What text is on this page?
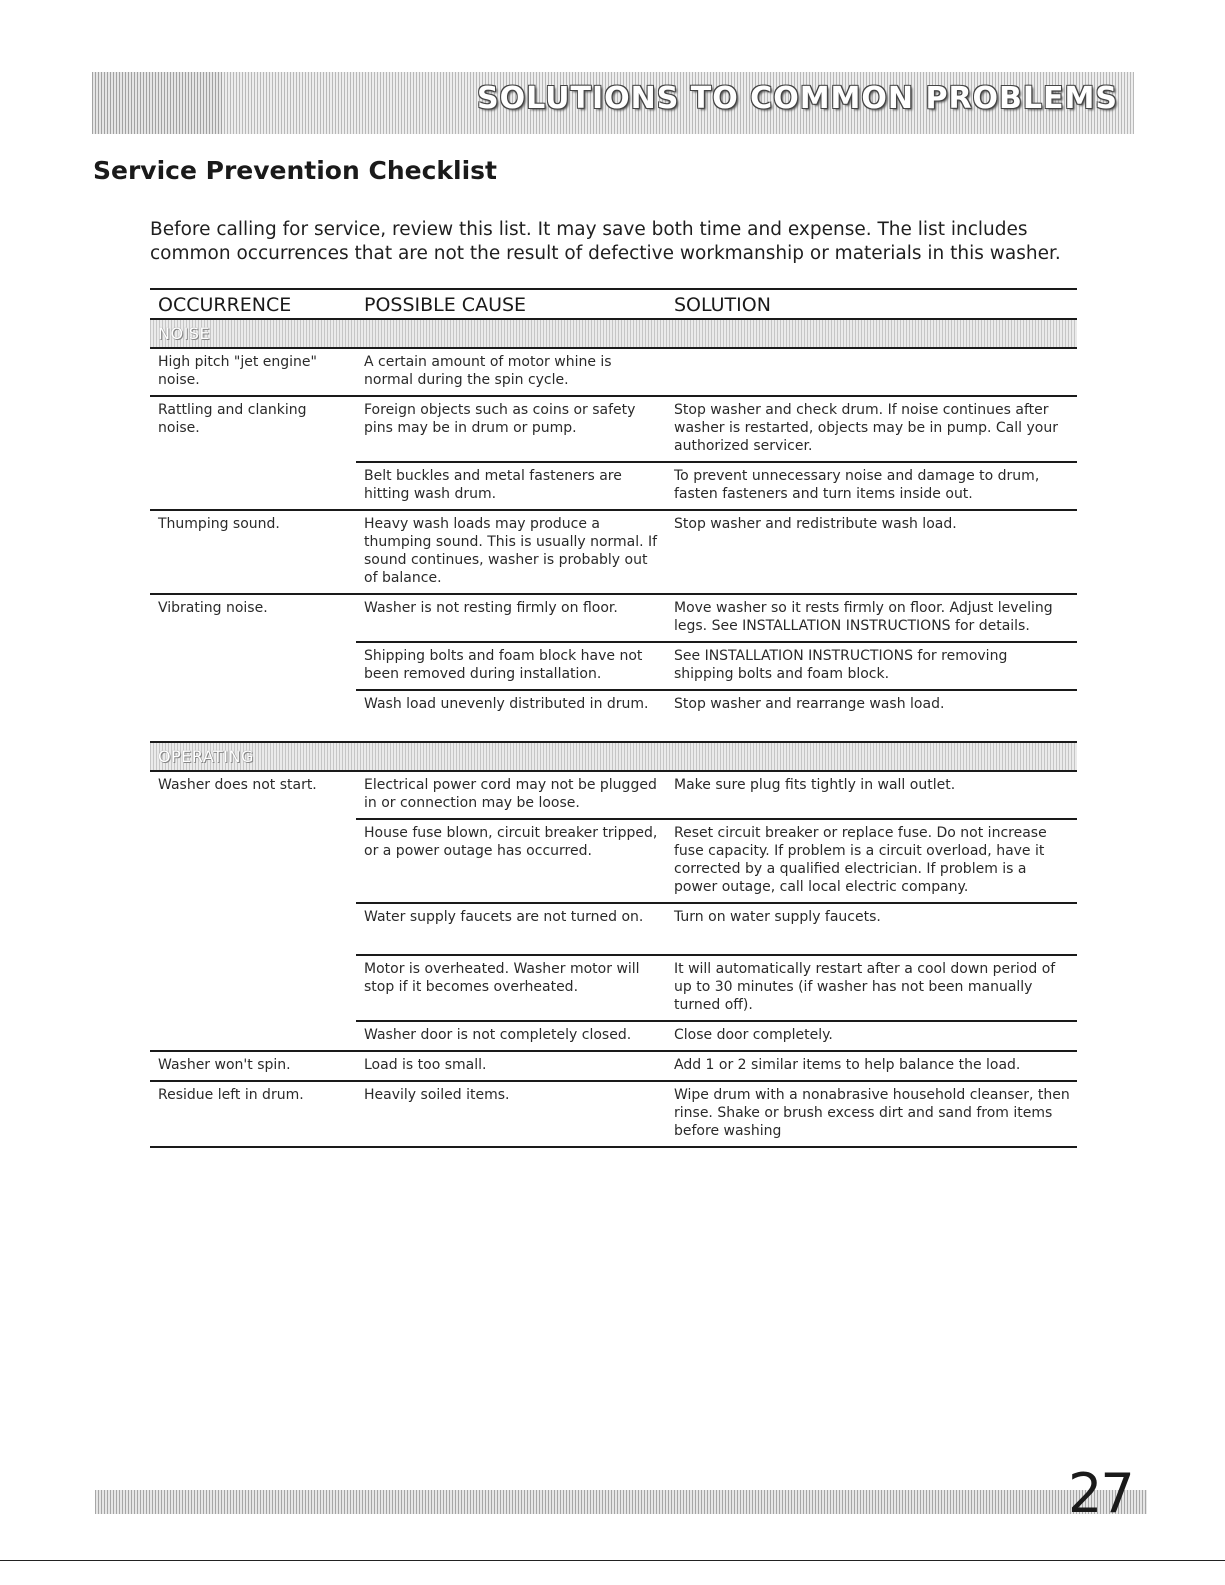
SOLUTIONS TO COMMON PROBLEMS
Service Prevention Checklist
Before calling for service, review this list. It may save both time and expense. The list includes common occurrences that are not the result of defective workmanship or materials in this washer.
OCCURRENCE	POSSIBLE CAUSE	SOLUTION
NOISE		
High pitch "jet engine" noise.	A certain amount of motor whine is normal during the spin cycle.	
Rattling and clanking noise.	Foreign objects such as coins or safety pins may be in drum or pump.	Stop washer and check drum. If noise continues after washer is restarted, objects may be in pump. Call your authorized servicer.
	Belt buckles and metal fasteners are hitting wash drum.	To prevent unnecessary noise and damage to drum, fasten fasteners and turn items inside out.
Thumping sound.	Heavy wash loads may produce a thumping sound. This is usually normal. If sound continues, washer is probably out of balance.	Stop washer and redistribute wash load.
Vibrating noise.	Washer is not resting firmly on floor.	Move washer so it rests firmly on floor. Adjust leveling legs. See INSTALLATION INSTRUCTIONS for details.
	Shipping bolts and foam block have not been removed during installation.	See INSTALLATION INSTRUCTIONS for removing shipping bolts and foam block.
	Wash load unevenly distributed in drum.	Stop washer and rearrange wash load.
OPERATING		
Washer does not start.	Electrical power cord may not be plugged in or connection may be loose.	Make sure plug fits tightly in wall outlet.
	House fuse blown, circuit breaker tripped, or a power outage has occurred.	Reset circuit breaker or replace fuse. Do not increase fuse capacity. If problem is a circuit overload, have it corrected by a qualified electrician. If problem is a power outage, call local electric company.
	Water supply faucets are not turned on.	Turn on water supply faucets.
	Motor is overheated. Washer motor will stop if it becomes overheated.	It will automatically restart after a cool down period of up to 30 minutes (if washer has not been manually turned off).
	Washer door is not completely closed.	Close door completely.
Washer won't spin.	Load is too small.	Add 1 or 2 similar items to help balance the load.
Residue left in drum.	Heavily soiled items.	Wipe drum with a nonabrasive household cleanser, then rinse. Shake or brush excess dirt and sand from items before washing
27
